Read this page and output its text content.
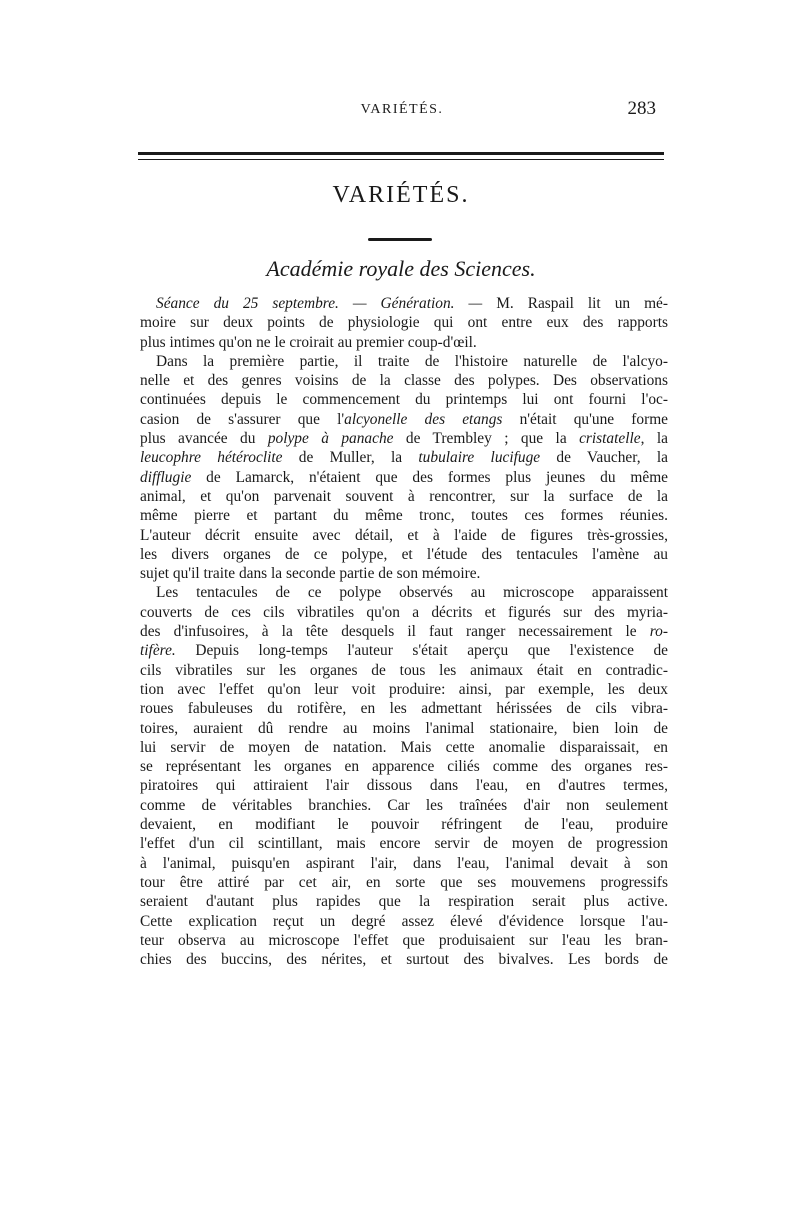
VARIÉTÉS.	283
VARIÉTÉS.
Académie royale des Sciences.
Séance du 25 septembre. — Génération. — M. Raspail lit un mé-
moire sur deux points de physiologie qui ont entre eux des rapports
plus intimes qu'on ne le croirait au premier coup-d'œil.
Dans la première partie, il traite de l'histoire naturelle de l'alcyo-
nelle et des genres voisins de la classe des polypes. Des observations
continuées depuis le commencement du printemps lui ont fourni l'oc-
casion de s'assurer que l'alcyonelle des etangs n'était qu'une forme
plus avancée du polype à panache de Trembley ; que la cristatelle, la
leucophre hétéroclite de Muller, la tubulaire lucifuge de Vaucher, la
difflugie de Lamarck, n'étaient que des formes plus jeunes du même
animal, et qu'on parvenait souvent à rencontrer, sur la surface de la
même pierre et partant du même tronc, toutes ces formes réunies.
L'auteur décrit ensuite avec détail, et à l'aide de figures très-grossies,
les divers organes de ce polype, et l'étude des tentacules l'amène au
sujet qu'il traite dans la seconde partie de son mémoire.
Les tentacules de ce polype observés au microscope apparaissent
couverts de ces cils vibratiles qu'on a décrits et figurés sur des myria-
des d'infusoires, à la tête desquels il faut ranger necessairement le ro-
tifère. Depuis long-temps l'auteur s'était aperçu que l'existence de
cils vibratiles sur les organes de tous les animaux était en contradic-
tion avec l'effet qu'on leur voit produire: ainsi, par exemple, les deux
roues fabuleuses du rotifère, en les admettant hérissées de cils vibra-
toires, auraient dû rendre au moins l'animal stationaire, bien loin de
lui servir de moyen de natation. Mais cette anomalie disparaissait, en
se représentant les organes en apparence ciliés comme des organes res-
piratoires qui attiraient l'air dissous dans l'eau, en d'autres termes,
comme de véritables branchies. Car les traînées d'air non seulement
devaient, en modifiant le pouvoir réfringent de l'eau, produire
l'effet d'un cil scintillant, mais encore servir de moyen de progression
à l'animal, puisqu'en aspirant l'air, dans l'eau, l'animal devait à son
tour être attiré par cet air, en sorte que ses mouvemens progressifs
seraient d'autant plus rapides que la respiration serait plus active.
Cette explication reçut un degré assez élevé d'évidence lorsque l'au-
teur observa au microscope l'effet que produisaient sur l'eau les bran-
chies des buccins, des nérites, et surtout des bivalves. Les bords de
